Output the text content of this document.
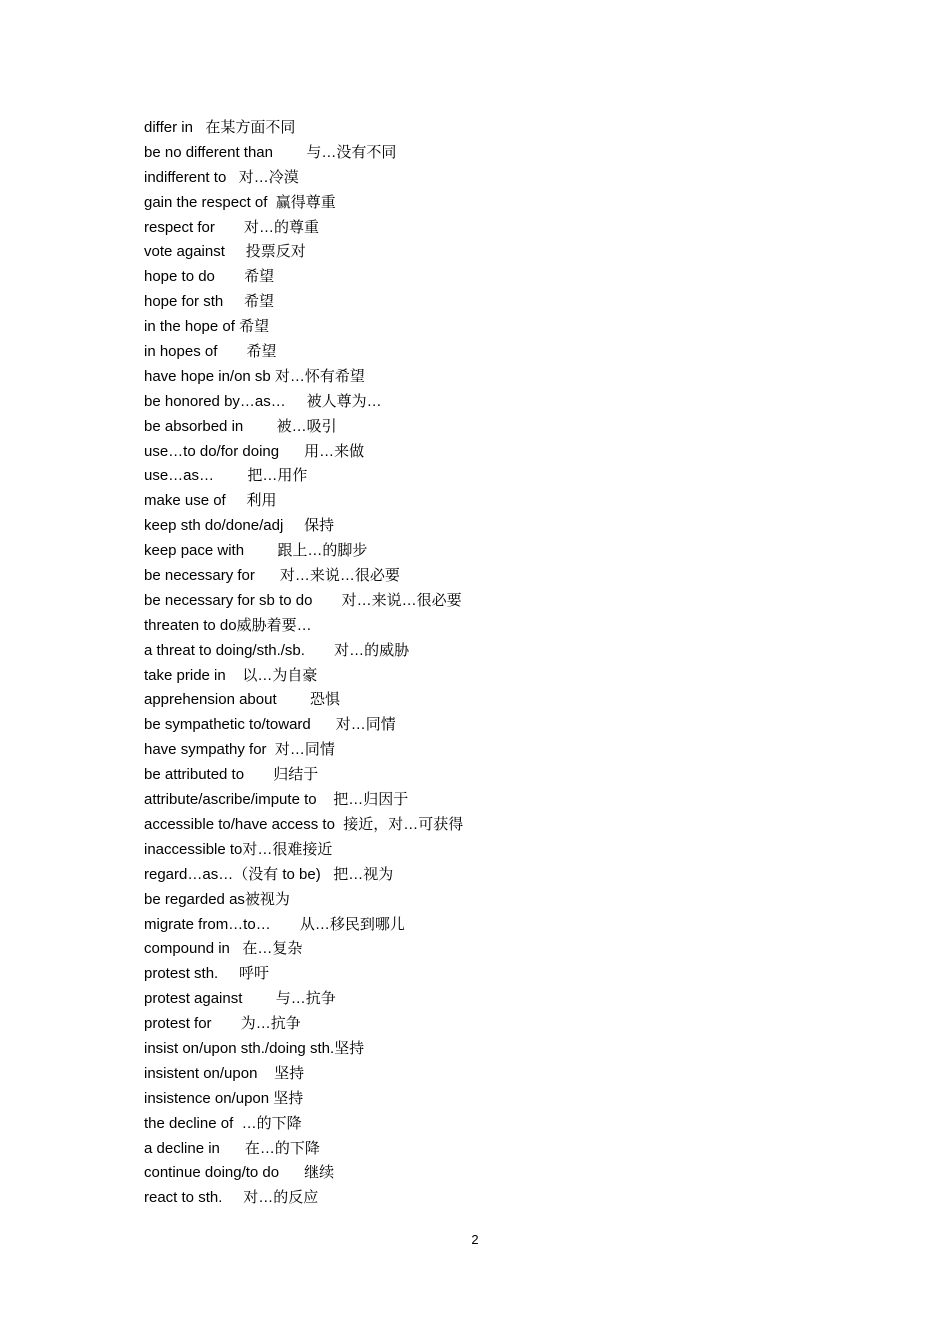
differ in   在某方面不同
be no different than        与…没有不同
indifferent to   对…冷漠
gain the respect of  赢得尊重
respect for       对…的尊重
vote against     投票反对
hope to do       希望
hope for sth     希望
in the hope of 希望
in hopes of       希望
have hope in/on sb 对…怀有希望
be honored by…as…     被人尊为…
be absorbed in        被…吸引
use…to do/for doing      用…来做
use…as…        把…用作
make use of     利用
keep sth do/done/adj     保持
keep pace with        跟上…的脚步
be necessary for      对…来说…很必要
be necessary for sb to do       对…来说…很必要
threaten to do威胁着要…
a threat to doing/sth./sb.       对…的威胁
take pride in    以…为自豪
apprehension about        恐惧
be sympathetic to/toward      对…同情
have sympathy for  对…同情
be attributed to       归结于
attribute/ascribe/impute to    把…归因于
accessible to/have access to  接近，对…可获得
inaccessible to对…很难接近
regard…as…（没有 to be)   把…视为
be regarded as被视为
migrate from…to…       从…移民到哪儿
compound in   在…复杂
protest sth.     呼吁
protest against        与…抗争
protest for       为…抗争
insist on/upon sth./doing sth.坚持
insistent on/upon    坚持
insistence on/upon 坚持
the decline of  …的下降
a decline in      在…的下降
continue doing/to do      继续
react to sth.     对…的反应
2
